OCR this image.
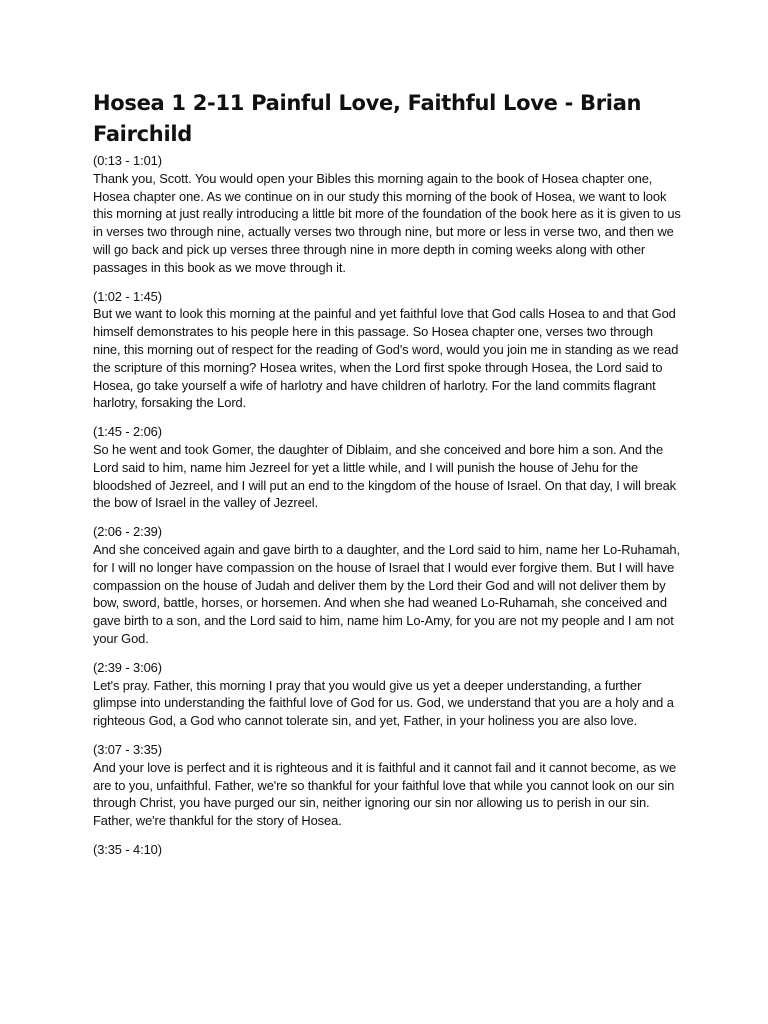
Hosea 1 2-11 Painful Love, Faithful Love - Brian Fairchild
(0:13 - 1:01)
Thank you, Scott. You would open your Bibles this morning again to the book of Hosea chapter one, Hosea chapter one. As we continue on in our study this morning of the book of Hosea, we want to look this morning at just really introducing a little bit more of the foundation of the book here as it is given to us in verses two through nine, actually verses two through nine, but more or less in verse two, and then we will go back and pick up verses three through nine in more depth in coming weeks along with other passages in this book as we move through it.
(1:02 - 1:45)
But we want to look this morning at the painful and yet faithful love that God calls Hosea to and that God himself demonstrates to his people here in this passage. So Hosea chapter one, verses two through nine, this morning out of respect for the reading of God's word, would you join me in standing as we read the scripture of this morning? Hosea writes, when the Lord first spoke through Hosea, the Lord said to Hosea, go take yourself a wife of harlotry and have children of harlotry. For the land commits flagrant harlotry, forsaking the Lord.
(1:45 - 2:06)
So he went and took Gomer, the daughter of Diblaim, and she conceived and bore him a son. And the Lord said to him, name him Jezreel for yet a little while, and I will punish the house of Jehu for the bloodshed of Jezreel, and I will put an end to the kingdom of the house of Israel. On that day, I will break the bow of Israel in the valley of Jezreel.
(2:06 - 2:39)
And she conceived again and gave birth to a daughter, and the Lord said to him, name her Lo-Ruhamah, for I will no longer have compassion on the house of Israel that I would ever forgive them. But I will have compassion on the house of Judah and deliver them by the Lord their God and will not deliver them by bow, sword, battle, horses, or horsemen. And when she had weaned Lo-Ruhamah, she conceived and gave birth to a son, and the Lord said to him, name him Lo-Amy, for you are not my people and I am not your God.
(2:39 - 3:06)
Let's pray. Father, this morning I pray that you would give us yet a deeper understanding, a further glimpse into understanding the faithful love of God for us. God, we understand that you are a holy and a righteous God, a God who cannot tolerate sin, and yet, Father, in your holiness you are also love.
(3:07 - 3:35)
And your love is perfect and it is righteous and it is faithful and it cannot fail and it cannot become, as we are to you, unfaithful. Father, we're so thankful for your faithful love that while you cannot look on our sin through Christ, you have purged our sin, neither ignoring our sin nor allowing us to perish in our sin. Father, we're thankful for the story of Hosea.
(3:35 - 4:10)
